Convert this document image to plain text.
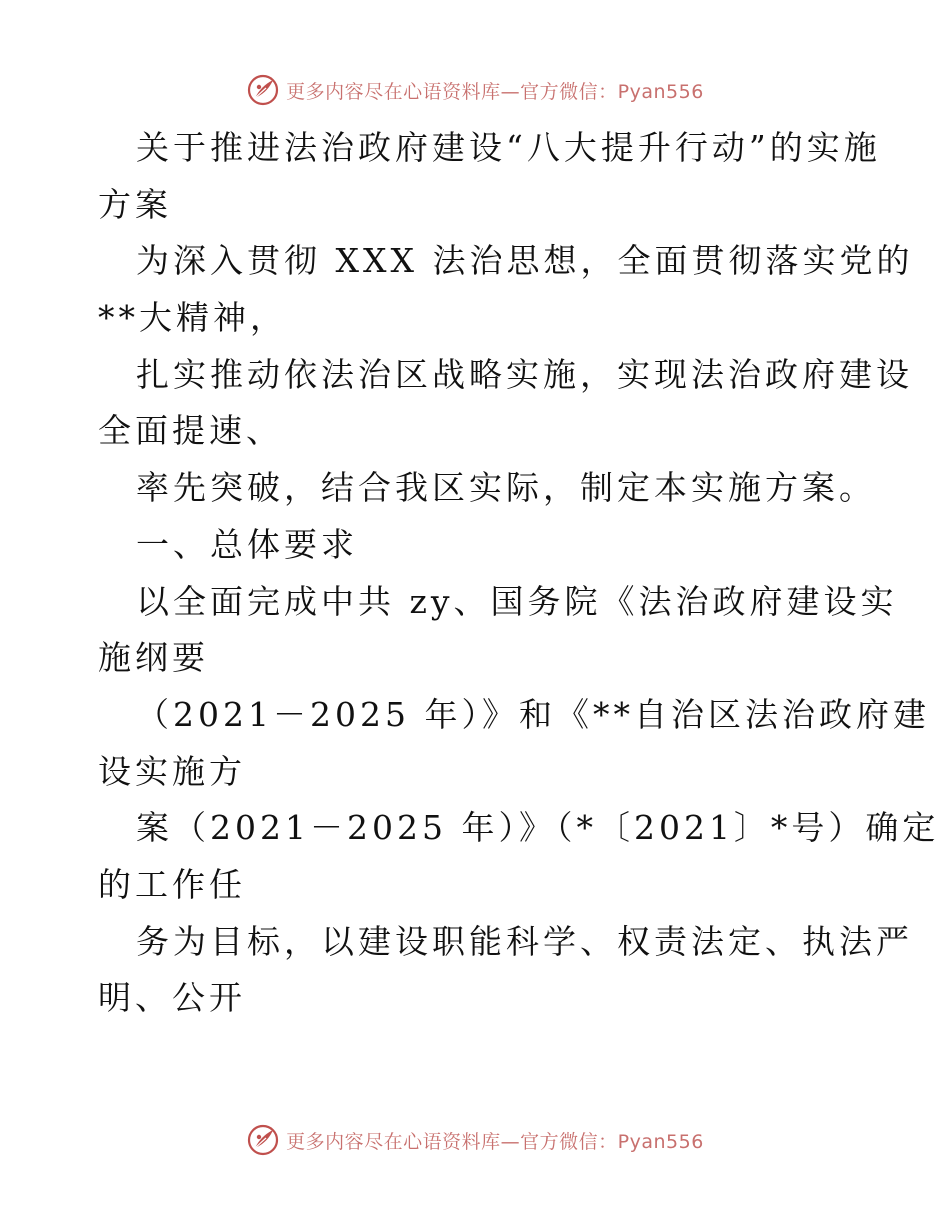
更多内容尽在心语资料库—官方微信：Pyan556
关于推进法治政府建设“八大提升行动”的实施
方案
为深入贯彻 XXX 法治思想，全面贯彻落实党的
**大精神，
扎实推动依法治区战略实施，实现法治政府建设
全面提速、
率先突破，结合我区实际，制定本实施方案。
一、总体要求
以全面完成中共 zy、国务院《法治政府建设实
施纲要
（2021－2025 年）》和《**自治区法治政府建
设实施方
案（2021－2025 年）》（*〔2021〕*号）确定
的工作任
务为目标，以建设职能科学、权责法定、执法严
明、公开
更多内容尽在心语资料库—官方微信：Pyan556
